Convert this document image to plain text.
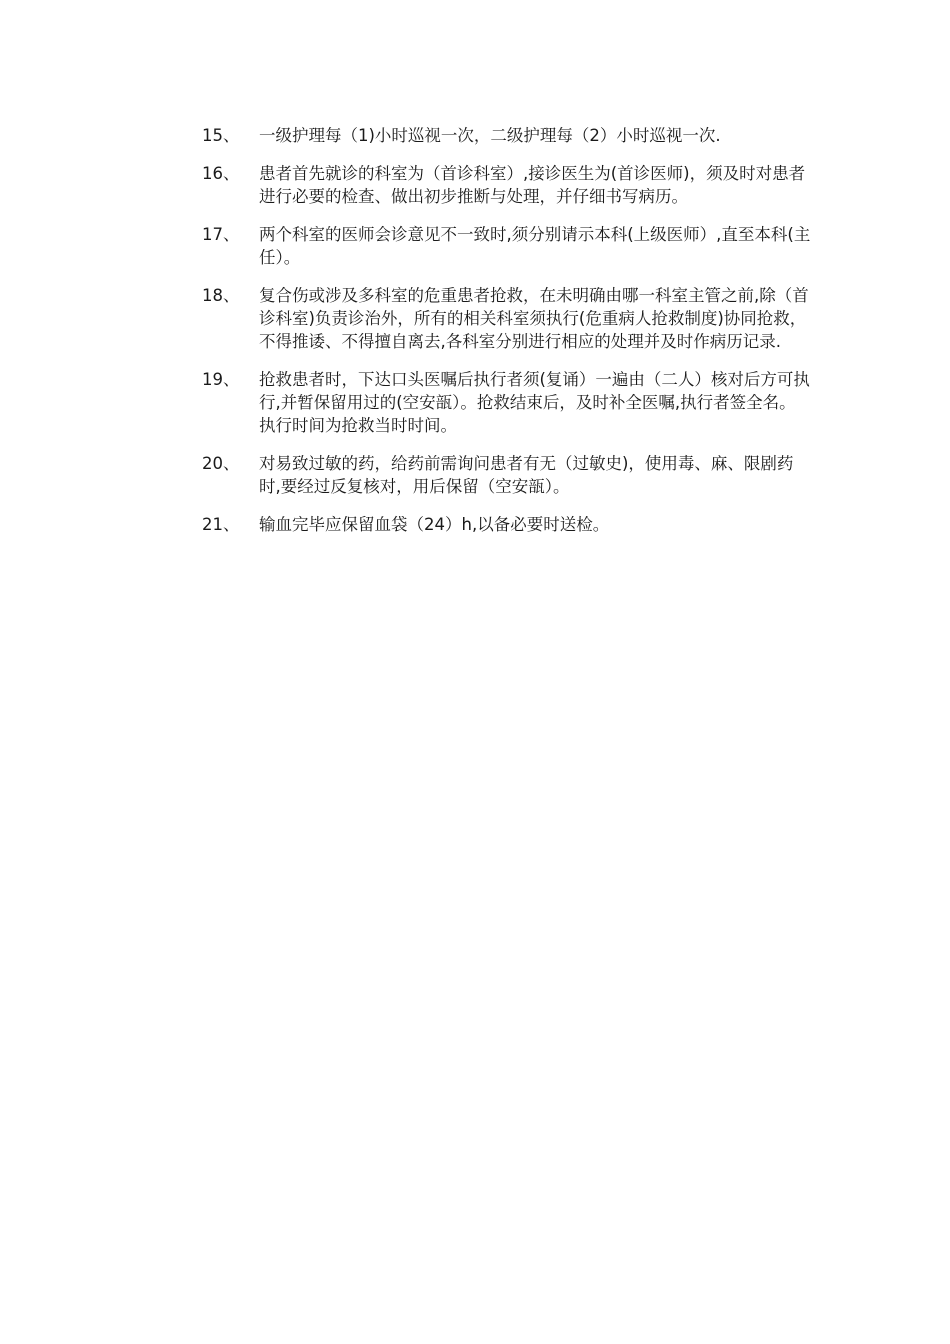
15、	一级护理每（1)小时巡视一次，二级护理每（2）小时巡视一次.
16、	患者首先就诊的科室为（首诊科室）,接诊医生为(首诊医师)，须及时对患者进行必要的检查、做出初步推断与处理，并仔细书写病历。
17、	两个科室的医师会诊意见不一致时,须分别请示本科(上级医师）,直至本科(主任）。
18、	复合伤或涉及多科室的危重患者抢救，在未明确由哪一科室主管之前,除（首诊科室)负责诊治外，所有的相关科室须执行(危重病人抢救制度)协同抢救，不得推诿、不得擅自离去,各科室分别进行相应的处理并及时作病历记录.
19、	抢救患者时，下达口头医嘱后执行者须(复诵）一遍由（二人）核对后方可执行,并暂保留用过的(空安瓿）。抢救结束后，及时补全医嘱,执行者签全名。执行时间为抢救当时时间。
20、	对易致过敏的药，给药前需询问患者有无（过敏史)，使用毒、麻、限剧药时,要经过反复核对，用后保留（空安瓿）。
21、	输血完毕应保留血袋（24）h,以备必要时送检。
